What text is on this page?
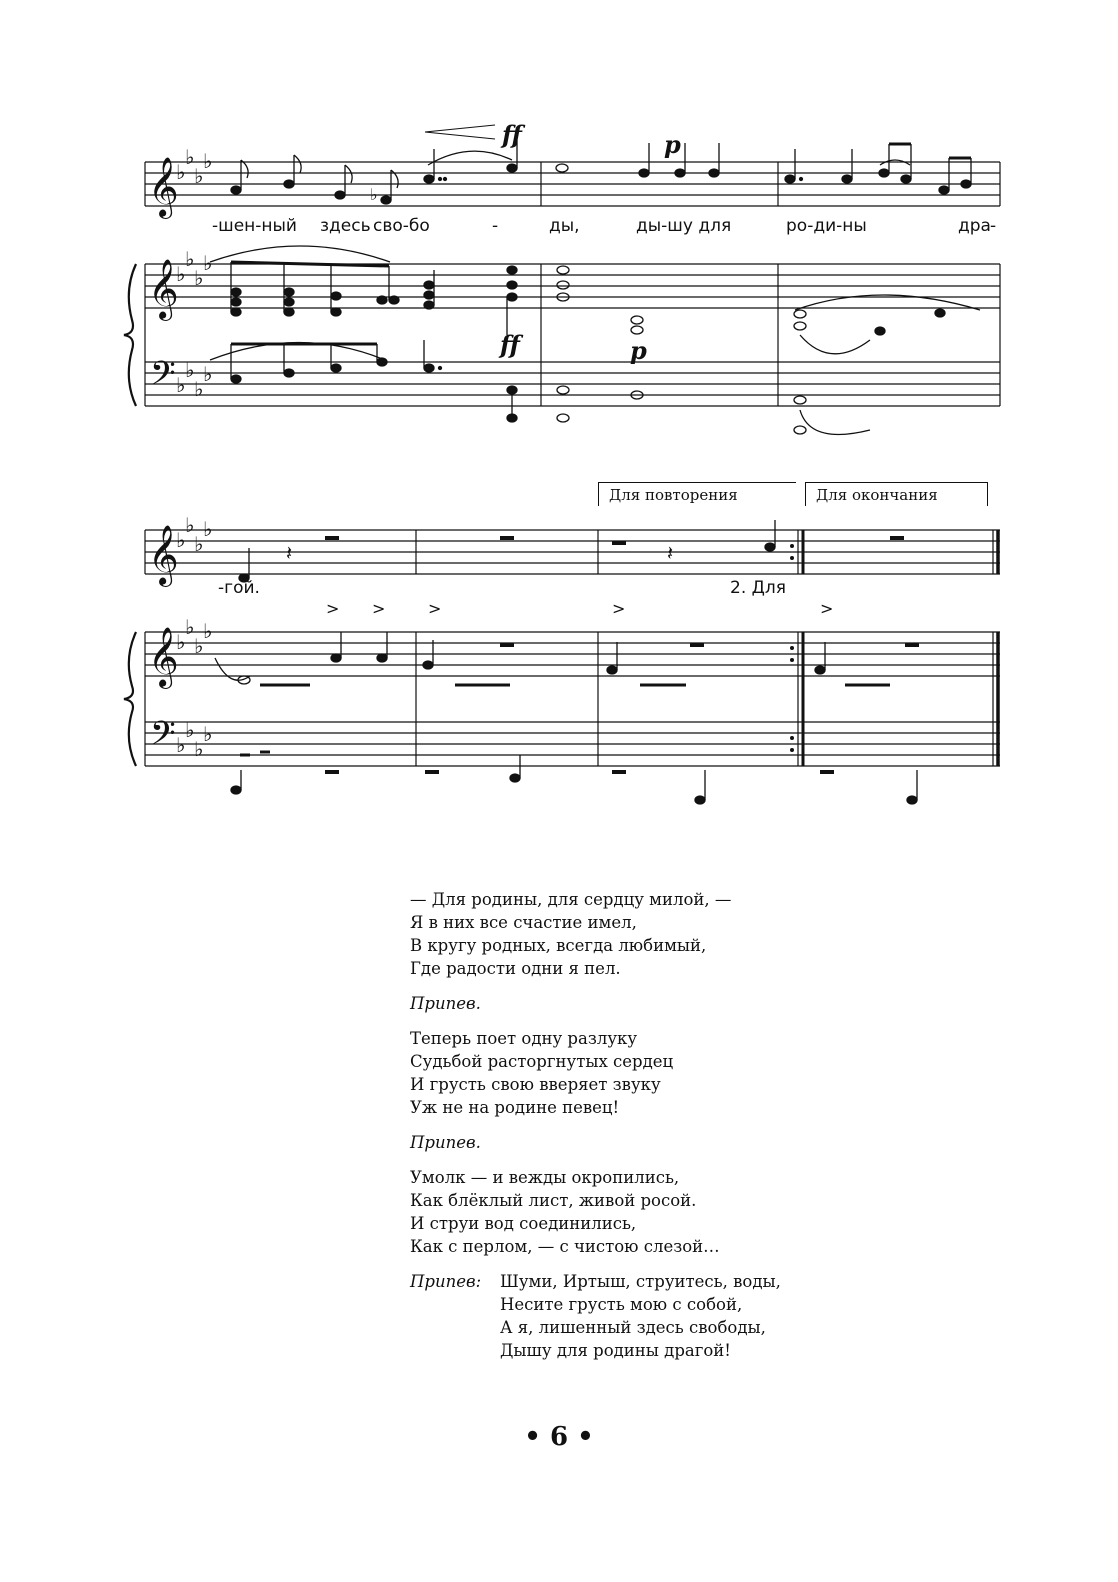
𝄞
𝄞
𝄢
𝄞
𝄞
𝄢
♭
♭
♭
♭
♭
♭
♭
♭
♭
♭
♭
♭
♭
♭
♭
♭
♭
♭
♭
♭
♭
♭
♭
♭
♭
𝄽	𝄽
> >	>	>	>
ff	p
ff	p
-шен-ный здесь сво-бо	-	ды,	ды-шу для	ро-ди-ны	дра -
Для повторения	Для окончания
-гой.	2. Для
— Для родины, для сердцу милой, —
Я в них все счастие имел,
В кругу родных, всегда любимый,
Где радости одни я пел.
Припев.
Теперь поет одну разлуку
Судьбой расторгнутых сердец
И грусть свою вверяет звуку
Уж не на родине певец!
Припев.
Умолк — и вежды окропились,
Как блёклый лист, живой росой.
И струи вод соединились,
Как с перлом, — с чистою слезой…
Припев:	Шуми, Иртыш, струитесь, воды,
Несите грусть мою с собой,
А я, лишенный здесь свободы,
Дышу для родины драгой!
• 6 •
